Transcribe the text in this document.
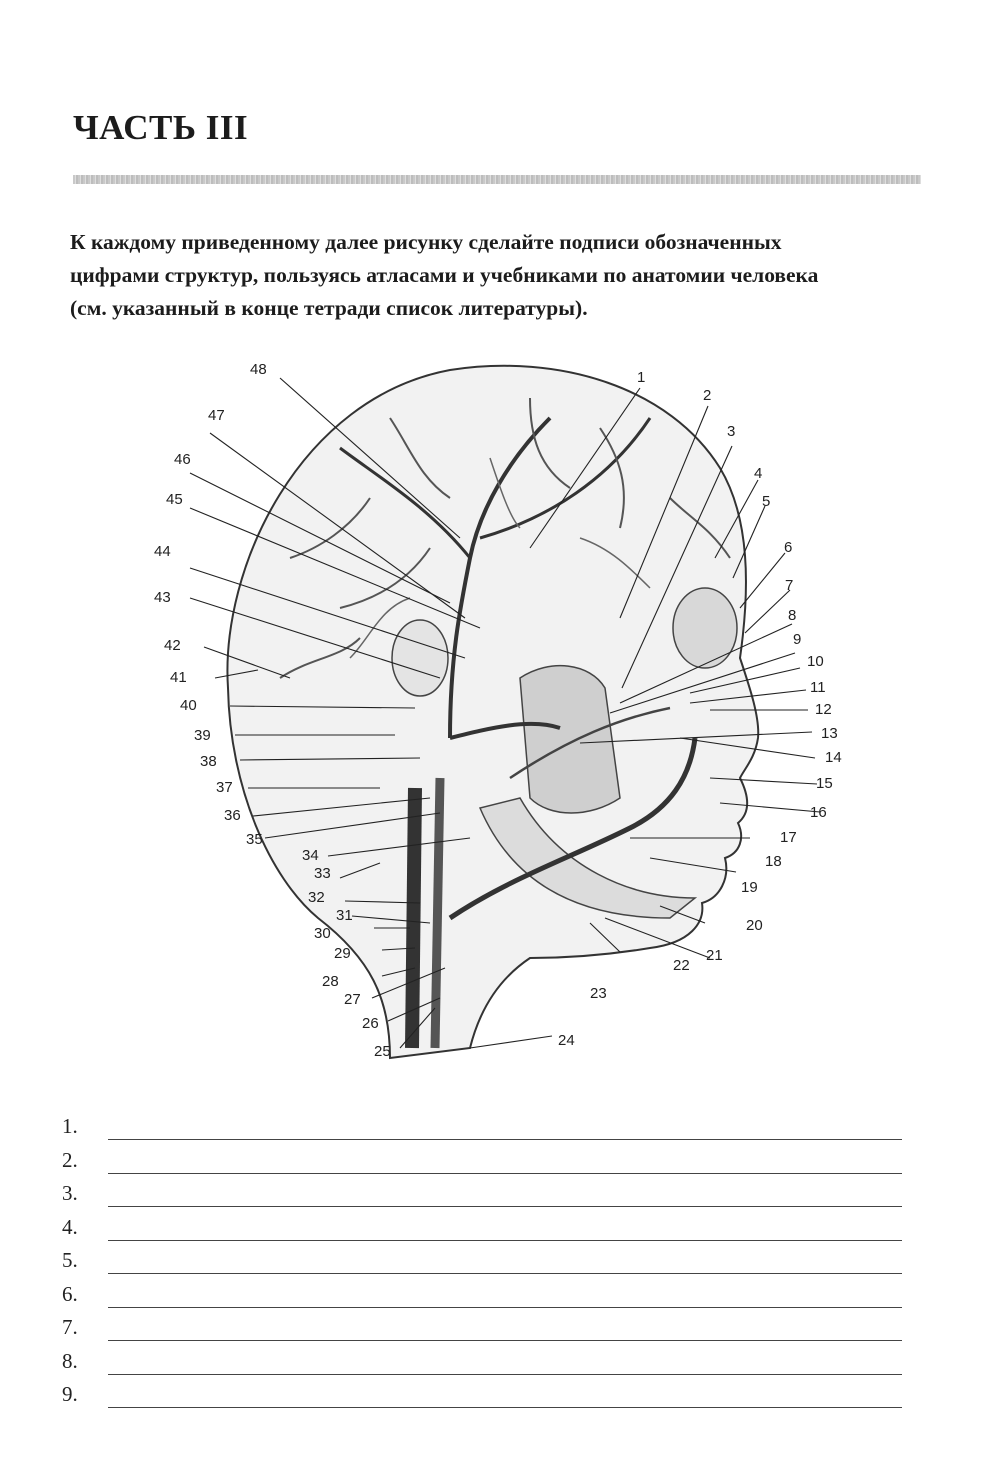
ЧАСТЬ III

К каждому приведенному далее рисунку сделайте подписи обозначенных
цифрами структур, пользуясь атласами и учебниками по анатомии человека
(см. указанный в конце тетради список литературы).

1
2
3
4
5
6
7
8
9
10
11
12
13
14
15
16
17
18
19
20
21
22
23
24
25
26
27
28
29
30
31
32
33
34
35
36
37
38
39
40
41
42
43
44
45
46
47
48
1.
2.
3.
4.
5.
6.
7.
8.
9.
